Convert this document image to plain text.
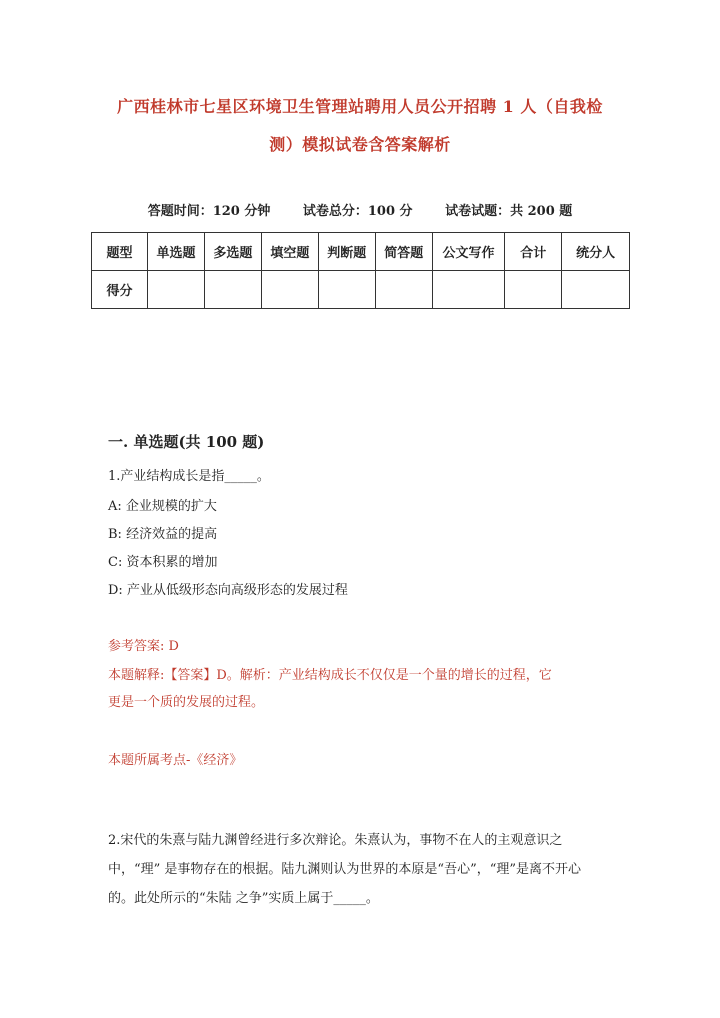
广西桂林市七星区环境卫生管理站聘用人员公开招聘 1 人（自我检
测）模拟试卷含答案解析
答题时间：120 分钟	试卷总分：100 分	试卷试题：共 200 题
题型	单选题	多选题	填空题	判断题	简答题	公文写作	合计	统分人
得分								
一. 单选题(共 100 题)
1.产业结构成长是指_____。
A: 企业规模的扩大
B: 经济效益的提高
C: 资本积累的增加
D: 产业从低级形态向高级形态的发展过程
参考答案: D
本题解释:【答案】D。解析：产业结构成长不仅仅是一个量的增长的过程，它
更是一个质的发展的过程。
本题所属考点-《经济》
2.宋代的朱熹与陆九渊曾经进行多次辩论。朱熹认为，事物不在人的主观意识之中，“理” 是事物存在的根据。陆九渊则认为世界的本原是“吾心”，“理”是离不开心的。此处所示的“朱陆 之争”实质上属于_____。
